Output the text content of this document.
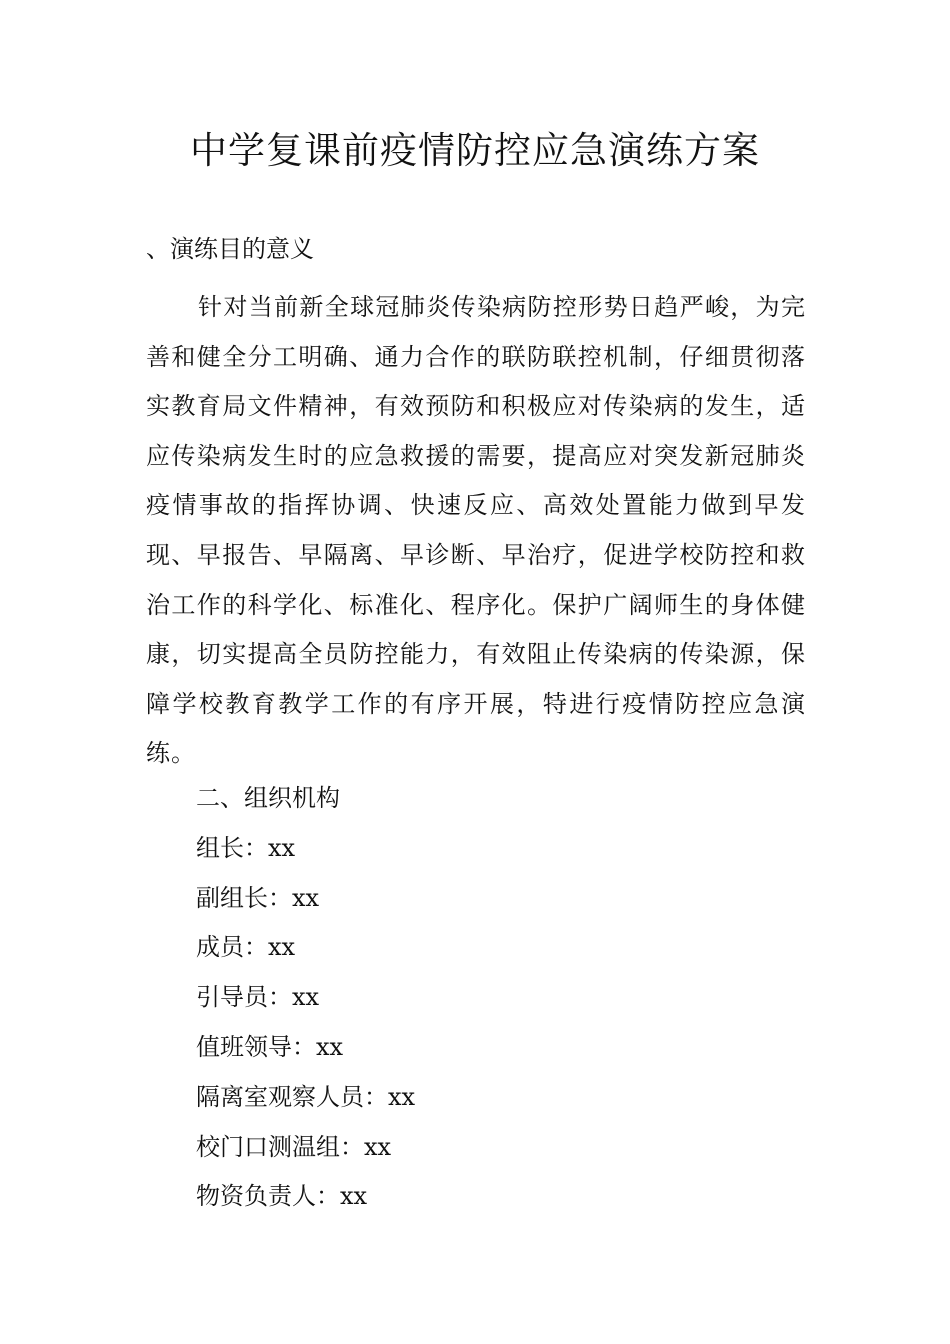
中学复课前疫情防控应急演练方案
、演练目的意义
针对当前新全球冠肺炎传染病防控形势日趋严峻，为完善和健全分工明确、通力合作的联防联控机制，仔细贯彻落实教育局文件精神，有效预防和积极应对传染病的发生，适应传染病发生时的应急救援的需要，提高应对突发新冠肺炎疫情事故的指挥协调、快速反应、高效处置能力做到早发现、早报告、早隔离、早诊断、早治疗，促进学校防控和救治工作的科学化、标准化、程序化。保护广阔师生的身体健康，切实提高全员防控能力，有效阻止传染病的传染源，保障学校教育教学工作的有序开展，特进行疫情防控应急演练。
二、组织机构
组长：xx
副组长：xx
成员：xx
引导员：xx
值班领导：xx
隔离室观察人员：xx
校门口测温组：xx
物资负责人：xx
